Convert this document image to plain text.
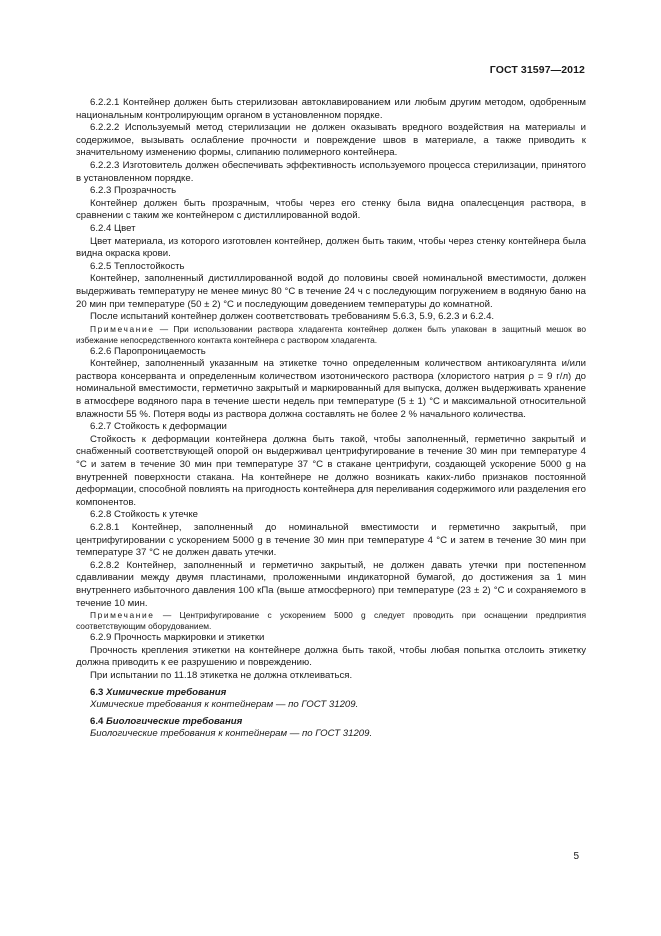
ГОСТ 31597—2012

6.2.2.1 Контейнер должен быть стерилизован автоклавированием или любым другим методом, одобренным национальным контролирующим органом в установленном порядке.

6.2.2.2 Используемый метод стерилизации не должен оказывать вредного воздействия на материалы и содержимое, вызывать ослабление прочности и повреждение швов в материале, а также приводить к значительному изменению формы, слипанию полимерного контейнера.

6.2.2.3 Изготовитель должен обеспечивать эффективность используемого процесса стерилизации, принятого в установленном порядке.

6.2.3 Прозрачность

Контейнер должен быть прозрачным, чтобы через его стенку была видна опалесценция раствора, в сравнении с таким же контейнером с дистиллированной водой.

6.2.4 Цвет

Цвет материала, из которого изготовлен контейнер, должен быть таким, чтобы через стенку контейнера была видна окраска крови.

6.2.5 Теплостойкость

Контейнер, заполненный дистиллированной водой до половины своей номинальной вместимости, должен выдерживать температуру не менее минус 80 °С в течение 24 ч с последующим погружением в водяную баню на 20 мин при температуре (50 ± 2) °С и последующим доведением температуры до комнатной.

После испытаний контейнер должен соответствовать требованиям 5.6.3, 5.9, 6.2.3 и 6.2.4.

Примечание — При использовании раствора хладагента контейнер должен быть упакован в защитный мешок во избежание непосредственного контакта контейнера с раствором хладагента.

6.2.6 Паропроницаемость

Контейнер, заполненный указанным на этикетке точно определенным количеством антикоагулянта и/или раствора консерванта и определенным количеством изотонического раствора (хлористого натрия ρ = 9 г/л) до номинальной вместимости, герметично закрытый и маркированный для выпуска, должен выдерживать хранение в атмосфере водяного пара в течение шести недель при температуре (5 ± 1) °С и максимальной относительной влажности 55 %. Потеря воды из раствора должна составлять не более 2 % начального количества.

6.2.7 Стойкость к деформации

Стойкость к деформации контейнера должна быть такой, чтобы заполненный, герметично закрытый и снабженный соответствующей опорой он выдерживал центрифугирование в течение 30 мин при температуре 4 °С и затем в течение 30 мин при температуре 37 °С в стакане центрифуги, создающей ускорение 5000 g на внутренней поверхности стакана. На контейнере не должно возникать каких-либо признаков постоянной деформации, способной повлиять на пригодность контейнера для переливания содержимого или разделения его компонентов.

6.2.8 Стойкость к утечке

6.2.8.1 Контейнер, заполненный до номинальной вместимости и герметично закрытый, при центрифугировании с ускорением 5000 g в течение 30 мин при температуре 4 °С и затем в течение 30 мин при температуре 37 °С не должен давать утечки.

6.2.8.2 Контейнер, заполненный и герметично закрытый, не должен давать утечки при постепенном сдавливании между двумя пластинами, проложенными индикаторной бумагой, до достижения за 1 мин внутреннего избыточного давления 100 кПа (выше атмосферного) при температуре (23 ± 2) °С и сохраняемого в течение 10 мин.

Примечание — Центрифугирование с ускорением 5000 g следует проводить при оснащении предприятия соответствующим оборудованием.

6.2.9 Прочность маркировки и этикетки

Прочность крепления этикетки на контейнере должна быть такой, чтобы любая попытка отслоить этикетку должна приводить к ее разрушению и повреждению.

При испытании по 11.18 этикетка не должна отклеиваться.

6.3 Химические требования

Химические требования к контейнерам — по ГОСТ 31209.

6.4 Биологические требования

Биологические требования к контейнерам — по ГОСТ 31209.

5
